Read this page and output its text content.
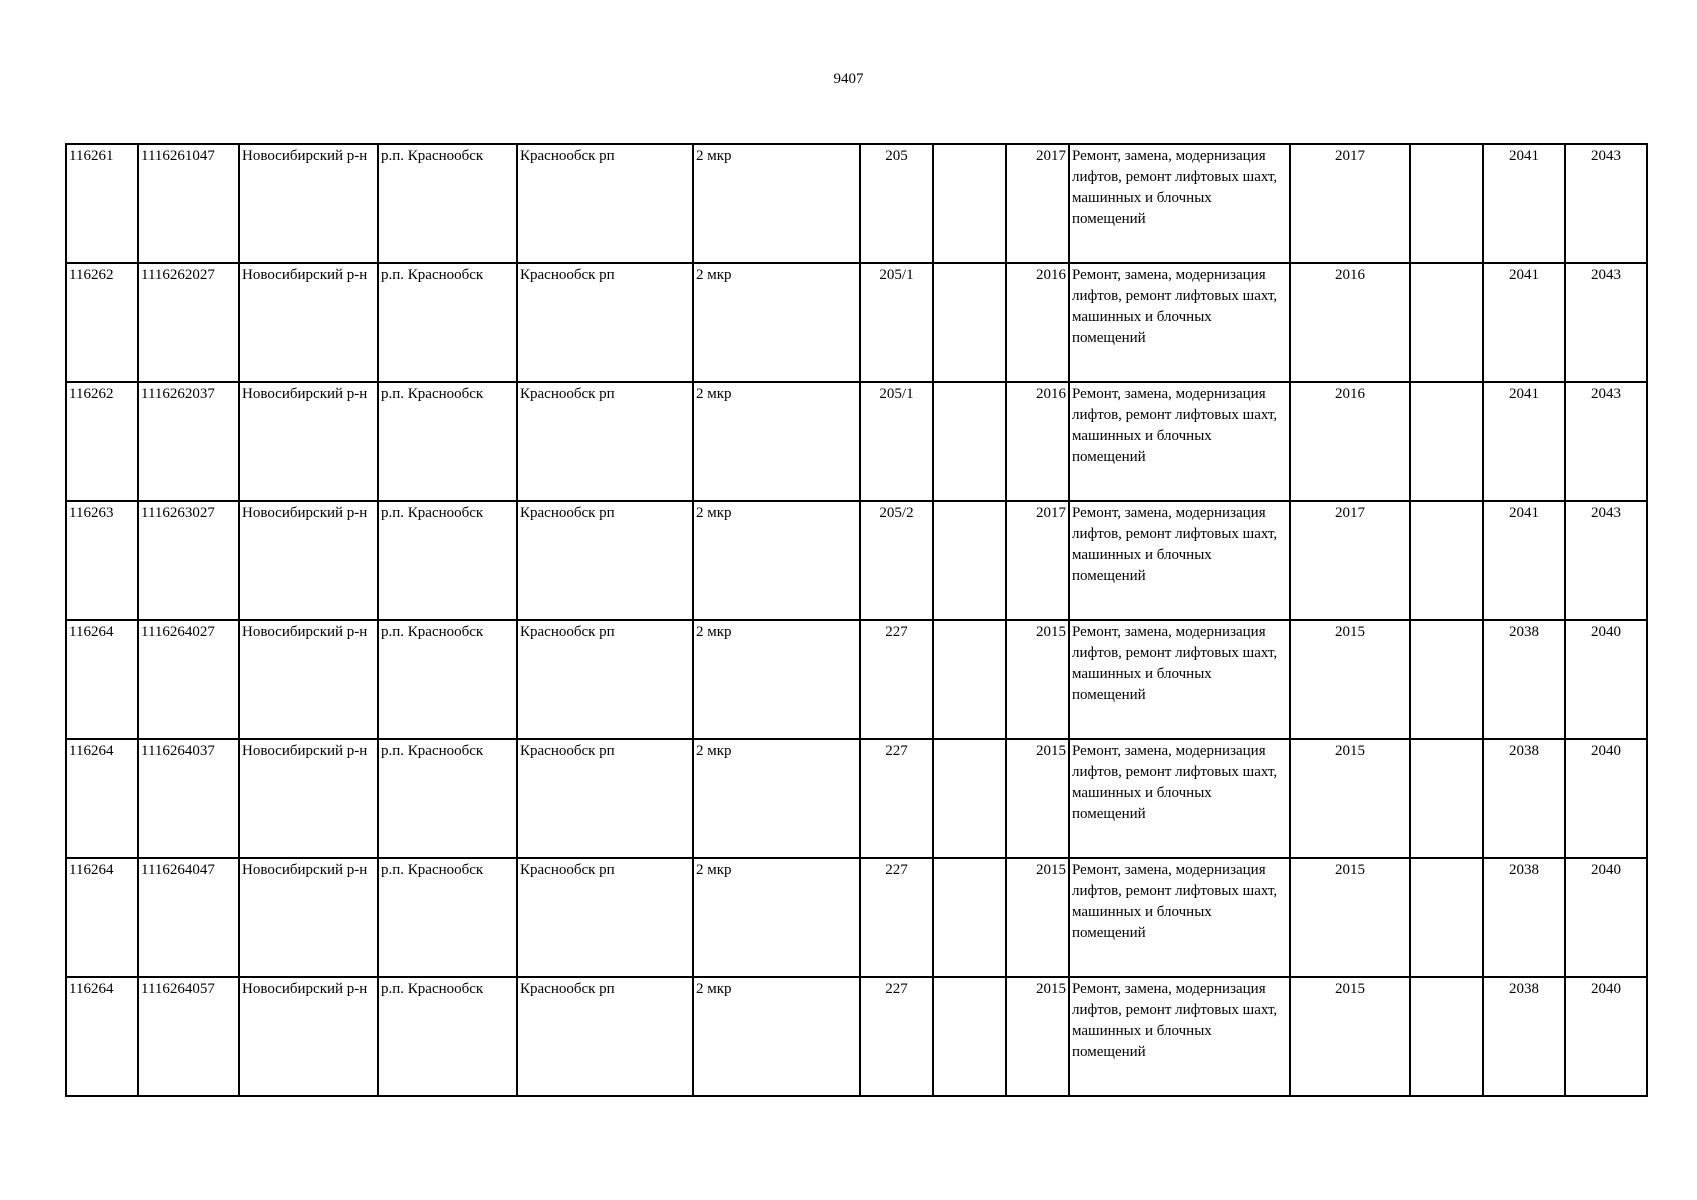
9407
116261	1116261047	Новосибирский р-н	р.п. Краснообск	Краснообск рп	2 мкр	205		2017	Ремонт, замена, модернизация лифтов, ремонт лифтовых шахт, машинных и блочных помещений	2017		2041	2043
116262	1116262027	Новосибирский р-н	р.п. Краснообск	Краснообск рп	2 мкр	205/1		2016	Ремонт, замена, модернизация лифтов, ремонт лифтовых шахт, машинных и блочных помещений	2016		2041	2043
116262	1116262037	Новосибирский р-н	р.п. Краснообск	Краснообск рп	2 мкр	205/1		2016	Ремонт, замена, модернизация лифтов, ремонт лифтовых шахт, машинных и блочных помещений	2016		2041	2043
116263	1116263027	Новосибирский р-н	р.п. Краснообск	Краснообск рп	2 мкр	205/2		2017	Ремонт, замена, модернизация лифтов, ремонт лифтовых шахт, машинных и блочных помещений	2017		2041	2043
116264	1116264027	Новосибирский р-н	р.п. Краснообск	Краснообск рп	2 мкр	227		2015	Ремонт, замена, модернизация лифтов, ремонт лифтовых шахт, машинных и блочных помещений	2015		2038	2040
116264	1116264037	Новосибирский р-н	р.п. Краснообск	Краснообск рп	2 мкр	227		2015	Ремонт, замена, модернизация лифтов, ремонт лифтовых шахт, машинных и блочных помещений	2015		2038	2040
116264	1116264047	Новосибирский р-н	р.п. Краснообск	Краснообск рп	2 мкр	227		2015	Ремонт, замена, модернизация лифтов, ремонт лифтовых шахт, машинных и блочных помещений	2015		2038	2040
116264	1116264057	Новосибирский р-н	р.п. Краснообск	Краснообск рп	2 мкр	227		2015	Ремонт, замена, модернизация лифтов, ремонт лифтовых шахт, машинных и блочных помещений	2015		2038	2040
